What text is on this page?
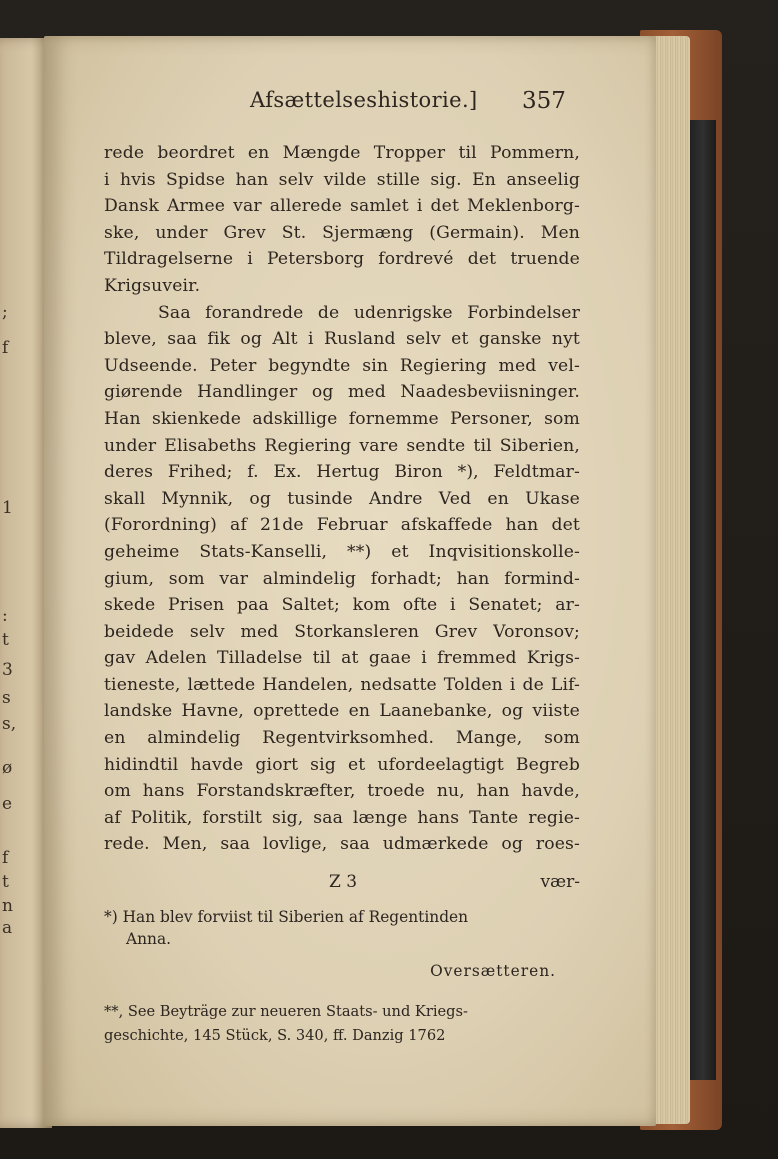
;
f
1
:
t
3
s
s,
ø
e
f
t
n
a
Afsættelseshistorie.] 357
rede beordret en Mængde Tropper til Pommern,
i hvis Spidse han selv vilde stille sig. En anseelig
Dansk Armee var allerede samlet i det Meklenborg-
ske, under Grev St. Sjermæng (Germain). Men
Tildragelserne i Petersborg fordrevé det truende
Krigsuveir.
Saa forandrede de udenrigske Forbindelser
bleve, saa fik og Alt i Rusland selv et ganske nyt
Udseende. Peter begyndte sin Regiering med vel-
giørende Handlinger og med Naadesbeviisninger.
Han skienkede adskillige fornemme Personer, som
under Elisabeths Regiering vare sendte til Siberien,
deres Frihed; f. Ex. Hertug Biron *), Feldtmar-
skall Mynnik, og tusinde Andre Ved en Ukase
(Forordning) af 21de Februar afskaffede han det
geheime Stats-Kanselli, **) et Inqvisitionskolle-
gium, som var almindelig forhadt; han formind-
skede Prisen paa Saltet; kom ofte i Senatet; ar-
beidede selv med Storkansleren Grev Voronsov;
gav Adelen Tilladelse til at gaae i fremmed Krigs-
tieneste, lættede Handelen, nedsatte Tolden i de Lif-
landske Havne, oprettede en Laanebanke, og viiste
en almindelig Regentvirksomhed. Mange, som
hidindtil havde giort sig et ufordeelagtigt Begreb
om hans Forstandskræfter, troede nu, han havde,
af Politik, forstilt sig, saa længe hans Tante regie-
rede. Men, saa lovlige, saa udmærkede og roes-
Z 3	vær-
*) Han blev forviist til Siberien af Regentinden
Anna.
Oversætteren.
**, See Beyträge zur neueren Staats- und Kriegs-
geschichte, 145 Stück, S. 340, ff. Danzig 1762
